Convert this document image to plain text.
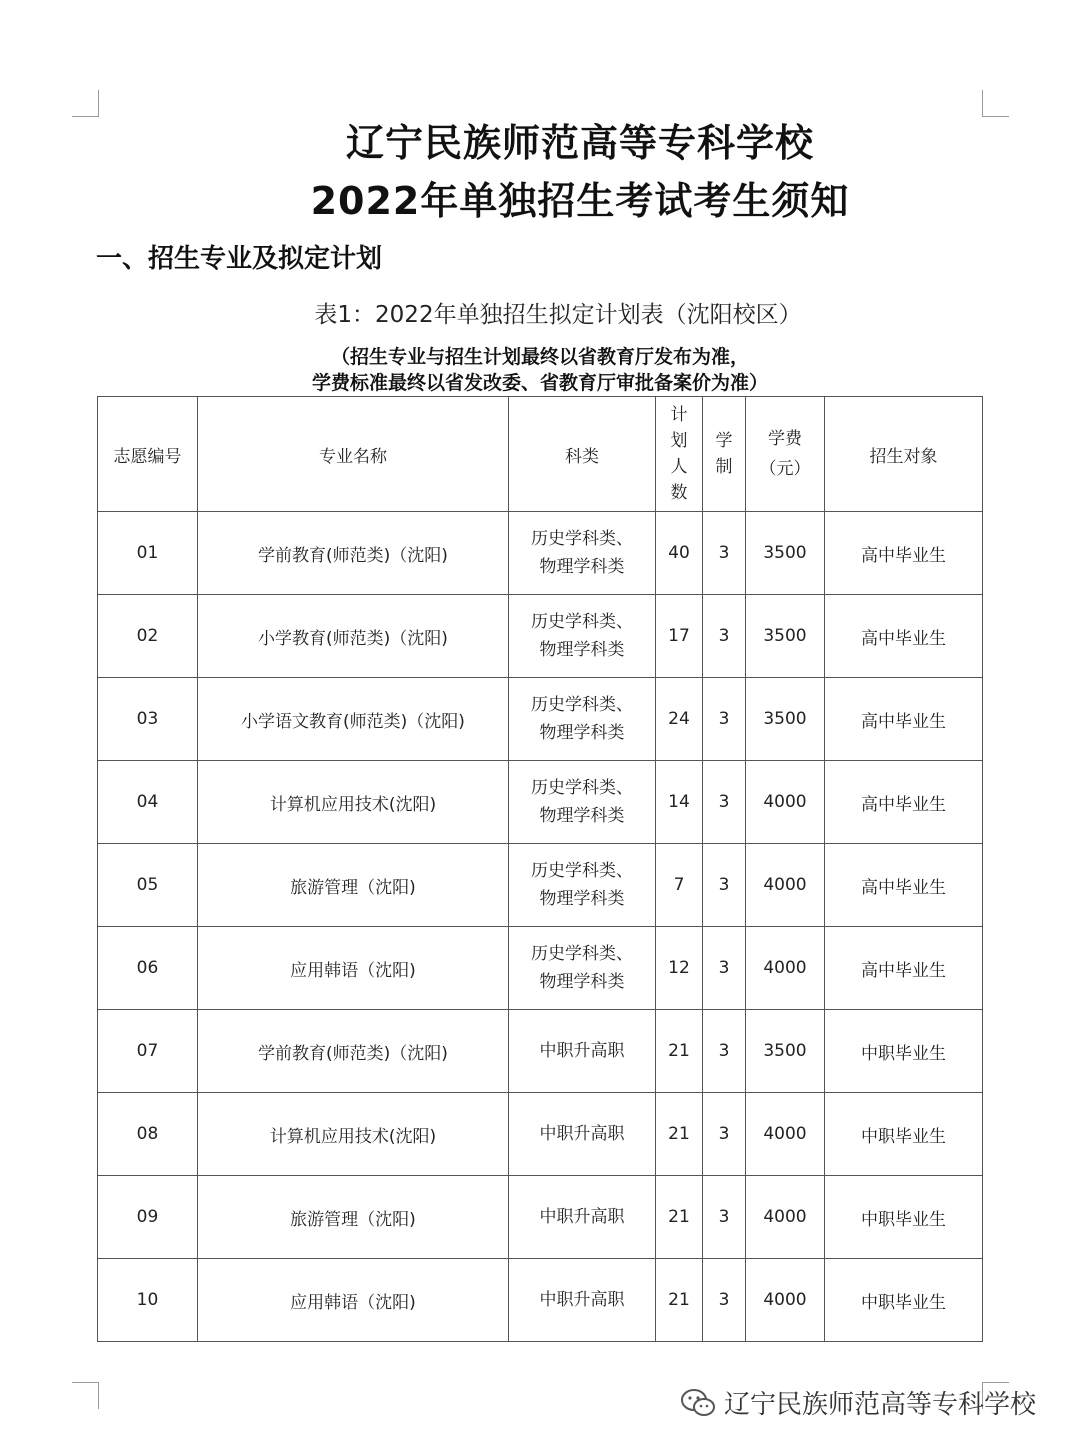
辽宁民族师范高等专科学校
2022年单独招生考试考生须知
一、招生专业及拟定计划
表1：2022年单独招生拟定计划表（沈阳校区）
（招生专业与招生计划最终以省教育厅发布为准，
学费标准最终以省发改委、省教育厅审批备案价为准）
志愿编号	专业名称	科类	计划人数	学制	学费（元）	招生对象
01	学前教育(师范类)（沈阳)	历史学科类、物理学科类	40	3	3500	高中毕业生
02	小学教育(师范类)（沈阳)	历史学科类、物理学科类	17	3	3500	高中毕业生
03	小学语文教育(师范类)（沈阳)	历史学科类、物理学科类	24	3	3500	高中毕业生
04	计算机应用技术(沈阳)	历史学科类、物理学科类	14	3	4000	高中毕业生
05	旅游管理（沈阳)	历史学科类、物理学科类	7	3	4000	高中毕业生
06	应用韩语（沈阳)	历史学科类、物理学科类	12	3	4000	高中毕业生
07	学前教育(师范类)（沈阳)	中职升高职	21	3	3500	中职毕业生
08	计算机应用技术(沈阳)	中职升高职	21	3	4000	中职毕业生
09	旅游管理（沈阳)	中职升高职	21	3	4000	中职毕业生
10	应用韩语（沈阳)	中职升高职	21	3	4000	中职毕业生
辽宁民族师范高等专科学校
